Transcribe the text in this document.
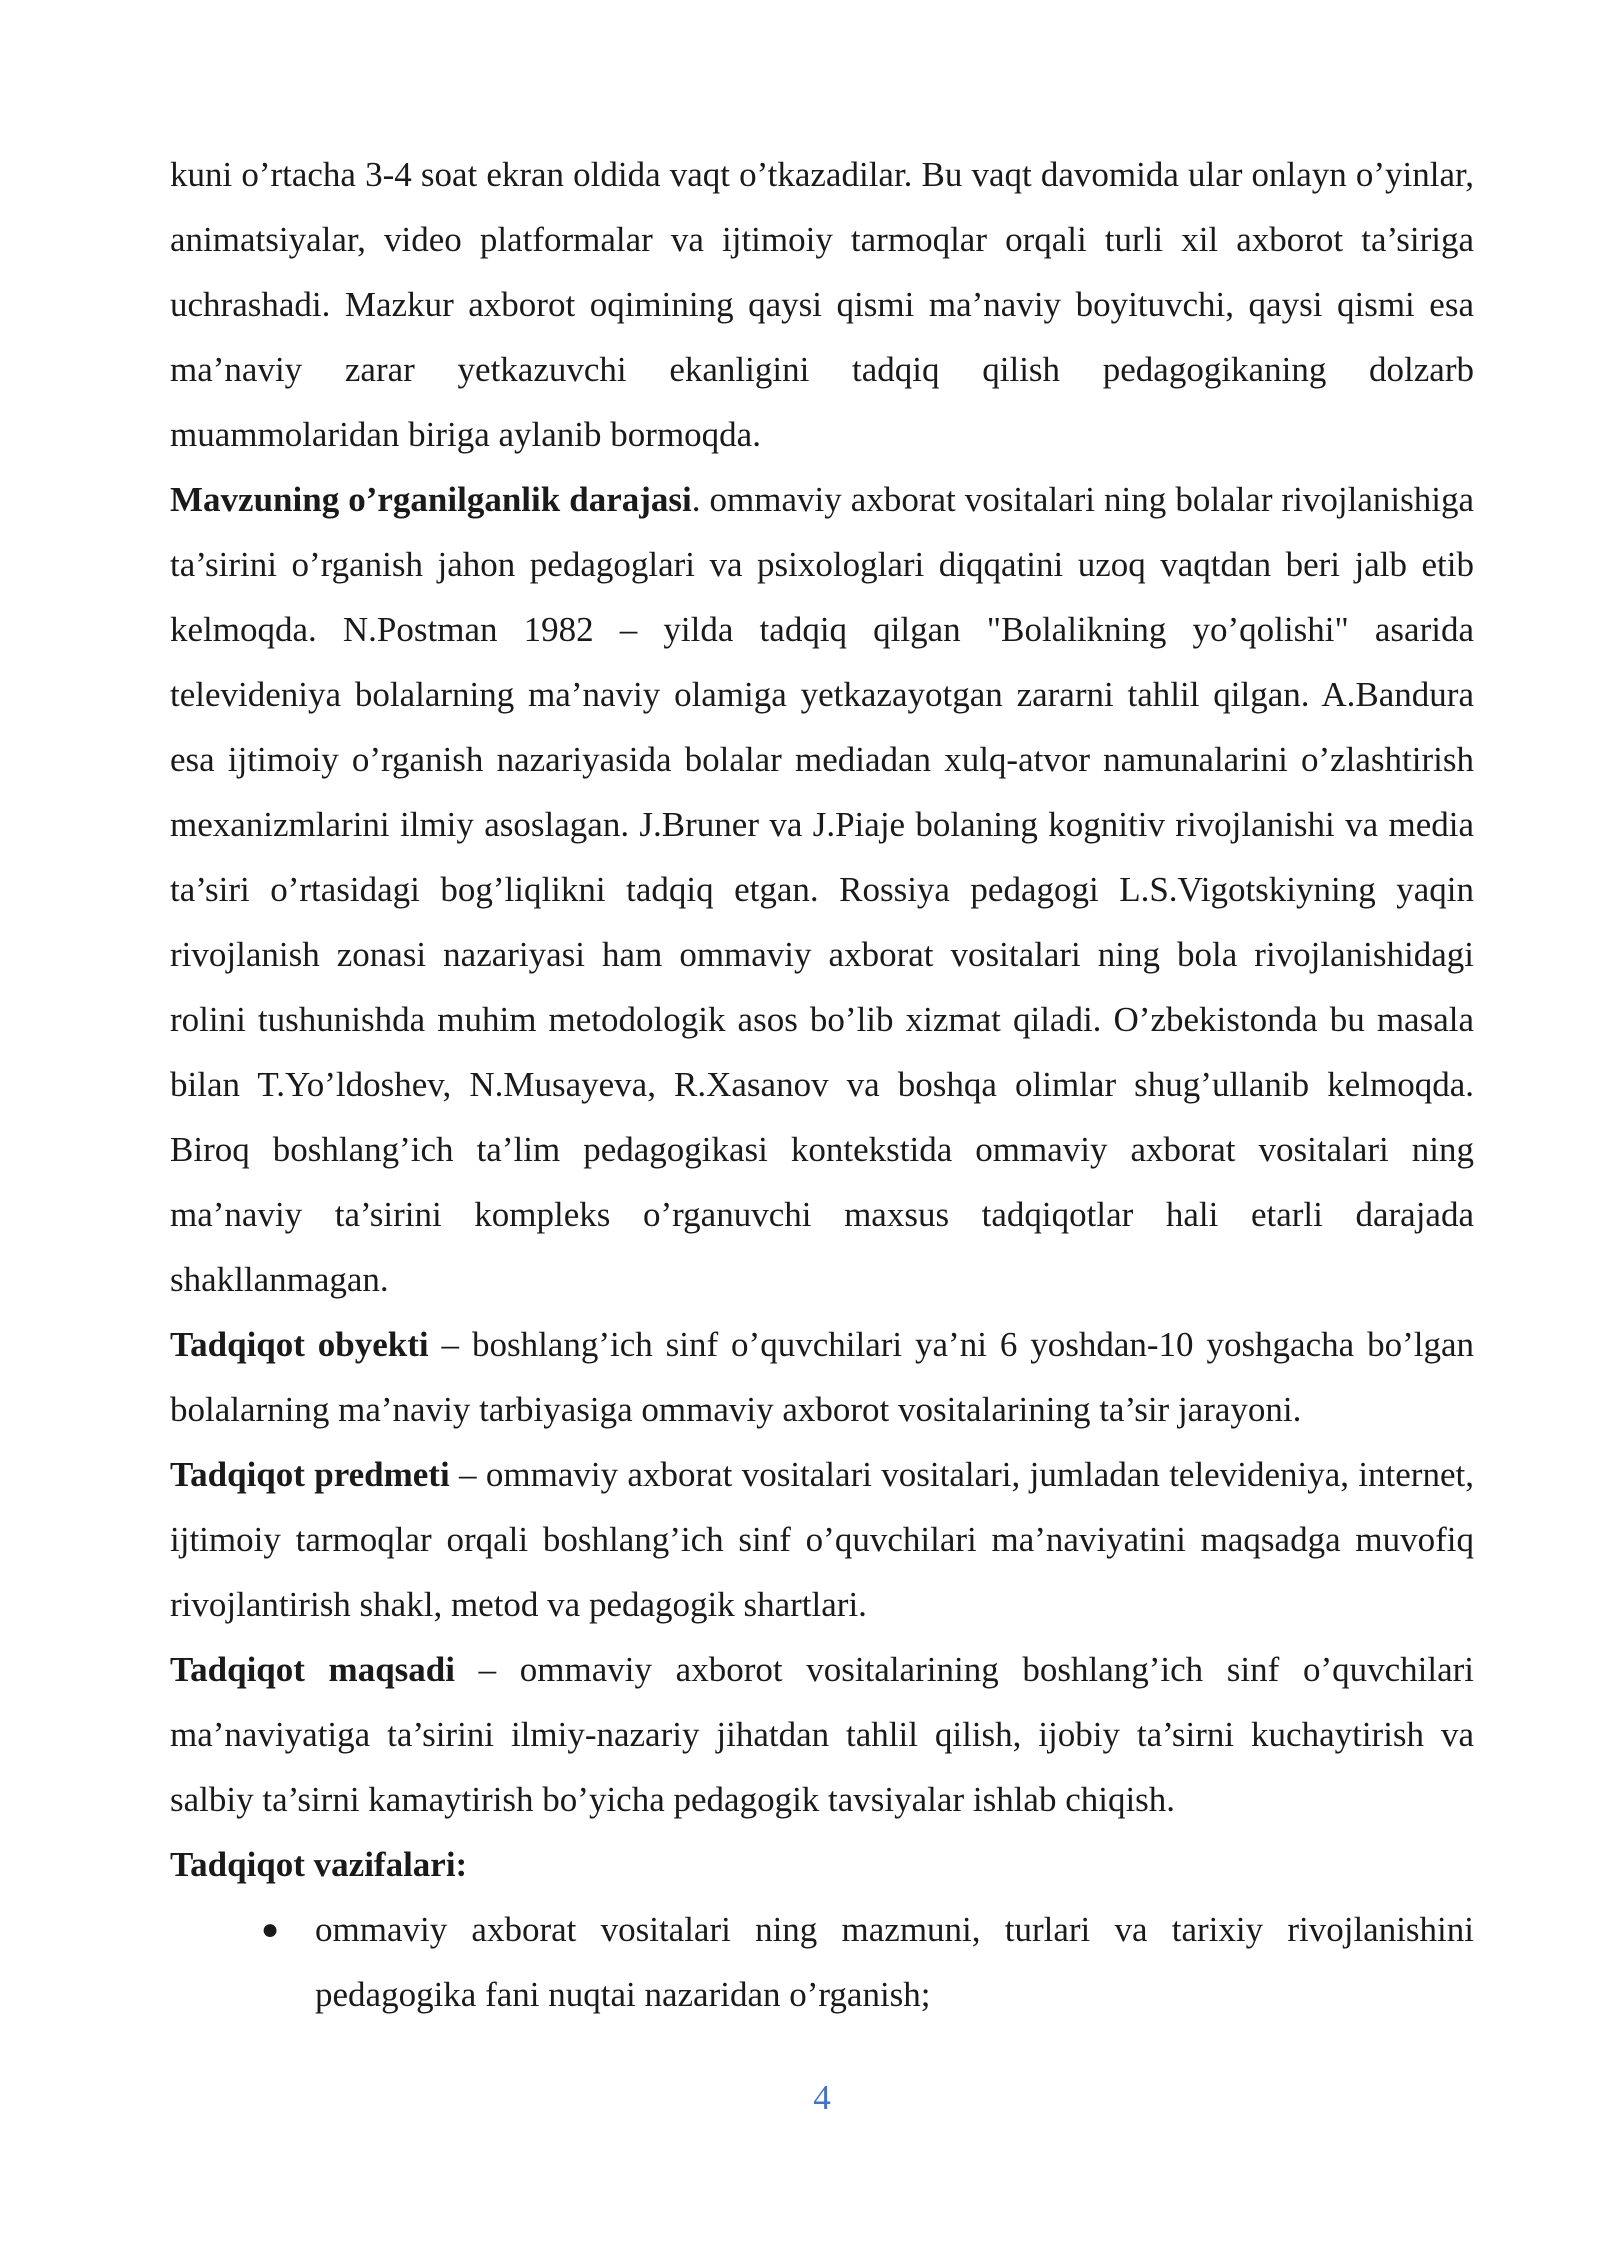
kuni o’rtacha 3-4 soat ekran oldida vaqt o’tkazadilar. Bu vaqt davomida ular onlayn o’yinlar, animatsiyalar, video platformalar va ijtimoiy tarmoqlar orqali turli xil axborot ta’siriga uchrashadi. Mazkur axborot oqimining qaysi qismi ma’naviy boyituvchi, qaysi qismi esa ma’naviy zarar yetkazuvchi ekanligini tadqiq qilish pedagogikaning dolzarb muammolaridan biriga aylanib bormoqda.

Mavzuning o’rganilganlik darajasi. ommaviy axborat vositalari ning bolalar rivojlanishiga ta’sirini o’rganish jahon pedagoglari va psixologlari diqqatini uzoq vaqtdan beri jalb etib kelmoqda. N.Postman 1982 – yilda tadqiq qilgan "Bolalikning yo’qolishi" asarida televideniya bolalarning ma’naviy olamiga yetkazayotgan zararni tahlil qilgan. A.Bandura esa ijtimoiy o’rganish nazariyasida bolalar mediadan xulq-atvor namunalarini o’zlashtirish mexanizmlarini ilmiy asoslagan. J.Bruner va J.Piaje bolaning kognitiv rivojlanishi va media ta’siri o’rtasidagi bog’liqlikni tadqiq etgan. Rossiya pedagogi L.S.Vigotskiyning yaqin rivojlanish zonasi nazariyasi ham ommaviy axborat vositalari ning bola rivojlanishidagi rolini tushunishda muhim metodologik asos bo’lib xizmat qiladi. O’zbekistonda bu masala bilan T.Yo’ldoshev, N.Musayeva, R.Xasanov va boshqa olimlar shug’ullanib kelmoqda. Biroq boshlang’ich ta’lim pedagogikasi kontekstida ommaviy axborat vositalari ning ma’naviy ta’sirini kompleks o’rganuvchi maxsus tadqiqotlar hali etarli darajada shakllanmagan.

Tadqiqot obyekti – boshlang’ich sinf o’quvchilari ya’ni 6 yoshdan-10 yoshgacha bo’lgan bolalarning ma’naviy tarbiyasiga ommaviy axborot vositalarining ta’sir jarayoni.

Tadqiqot predmeti – ommaviy axborat vositalari vositalari, jumladan televideniya, internet, ijtimoiy tarmoqlar orqali boshlang’ich sinf o’quvchilari ma’naviyatini maqsadga muvofiq rivojlantirish shakl, metod va pedagogik shartlari.

Tadqiqot maqsadi – ommaviy axborot vositalarining boshlang’ich sinf o’quvchilari ma’naviyatiga ta’sirini ilmiy-nazariy jihatdan tahlil qilish, ijobiy ta’sirni kuchaytirish va salbiy ta’sirni kamaytirish bo’yicha pedagogik tavsiyalar ishlab chiqish.

Tadqiqot vazifalari:

● ommaviy axborat vositalari ning mazmuni, turlari va tarixiy rivojlanishini pedagogika fani nuqtai nazaridan o’rganish;
4
